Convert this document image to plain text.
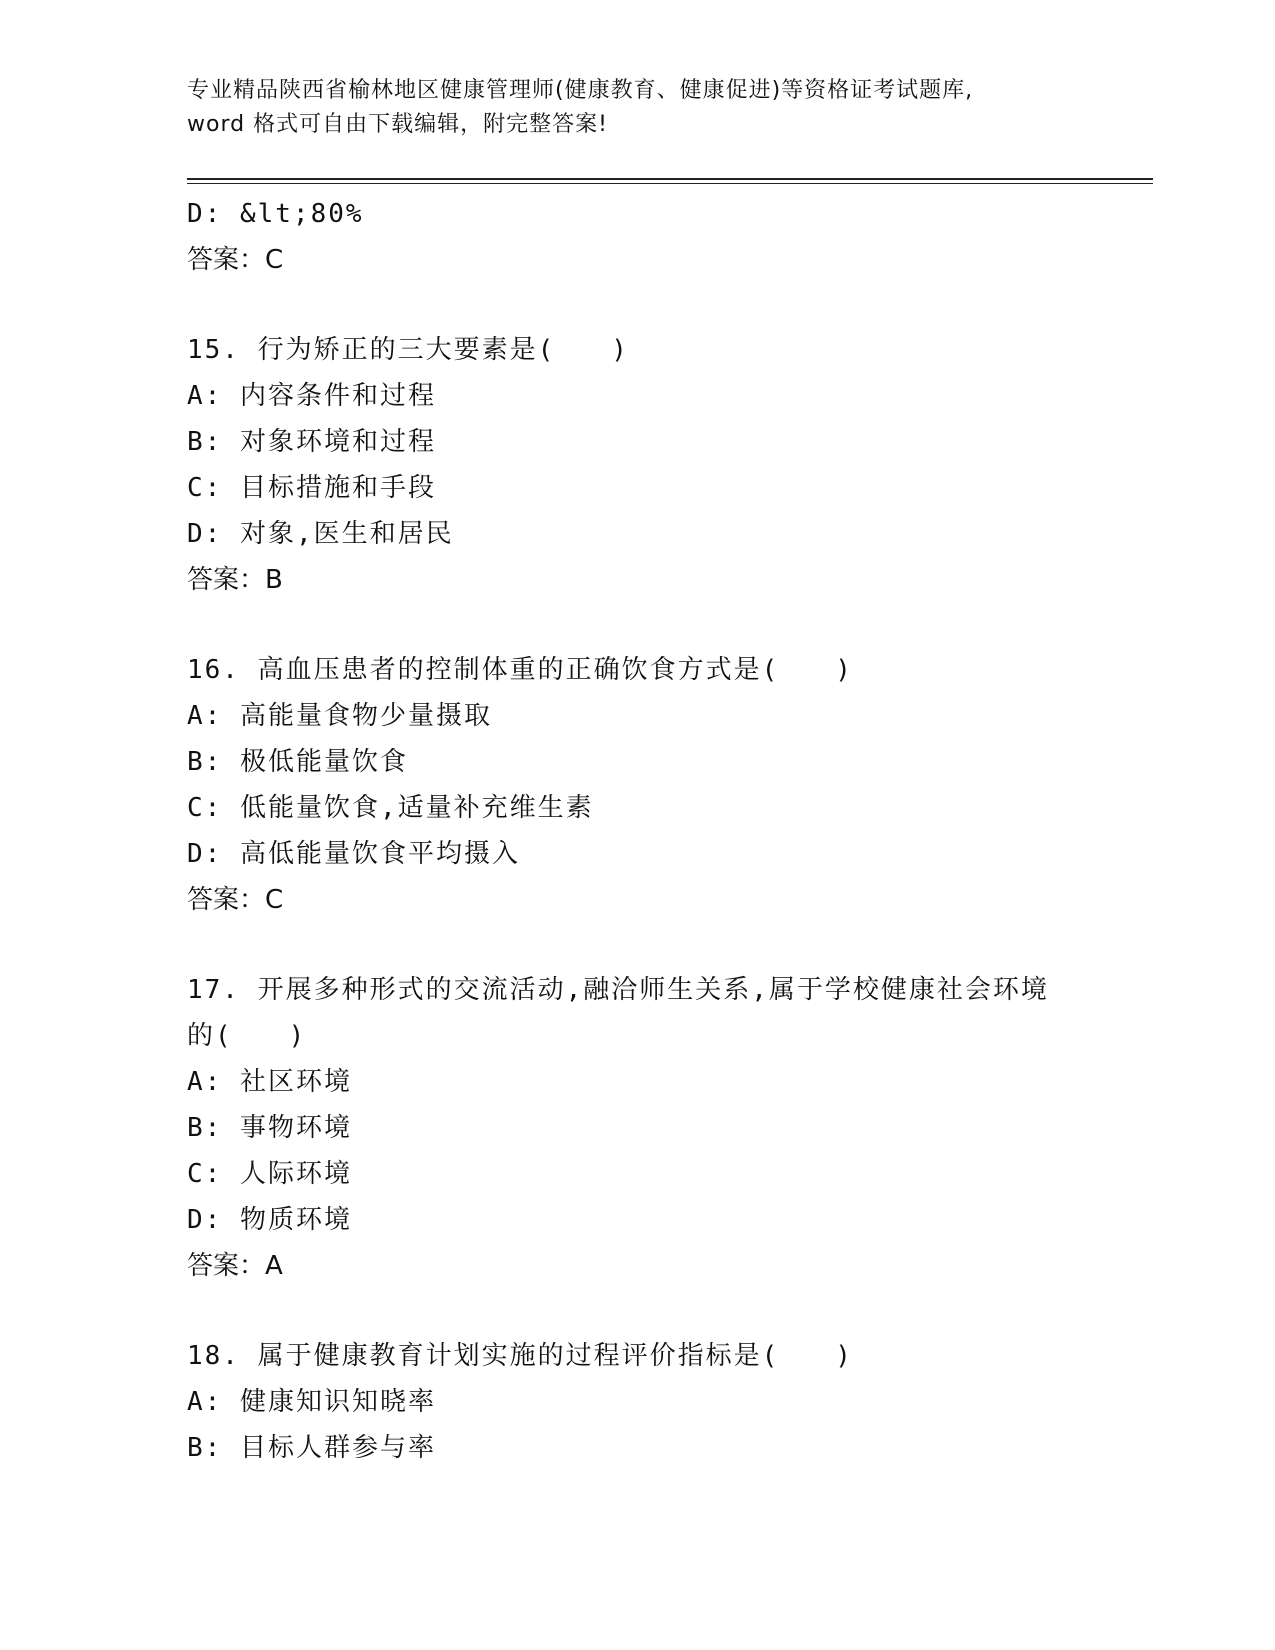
专业精品陕西省榆林地区健康管理师(健康教育、健康促进)等资格证考试题库,
word 格式可自由下载编辑，附完整答案!
D: &lt;80%
答案：C
15. 行为矫正的三大要素是(　　)
A: 内容条件和过程
B: 对象环境和过程
C: 目标措施和手段
D: 对象,医生和居民
答案：B
16. 高血压患者的控制体重的正确饮食方式是(　　)
A: 高能量食物少量摄取
B: 极低能量饮食
C: 低能量饮食,适量补充维生素
D: 高低能量饮食平均摄入
答案：C
17. 开展多种形式的交流活动,融洽师生关系,属于学校健康社会环境
的(　　)
A: 社区环境
B: 事物环境
C: 人际环境
D: 物质环境
答案：A
18. 属于健康教育计划实施的过程评价指标是(　　)
A: 健康知识知晓率
B: 目标人群参与率
